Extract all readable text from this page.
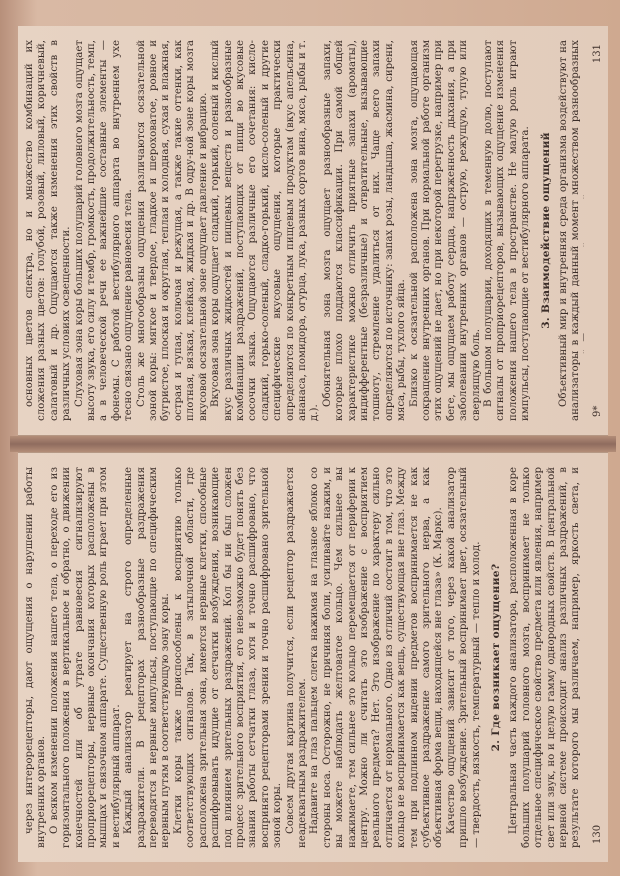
через интерорецепторы, дают ощущения о нарушении работы внутренних органов. О всяком изменении положения нашего тела, о переходе его из горизонтального положения в вертикальное и обратно, о движении конечностей или об утрате равновесия сигнализируют проприорецепторы, нервные окончания которых расположены в мышцах и связочном аппарате. Существенную роль играет при этом и вестибулярный аппарат. Каждый анализатор реагирует на строго определенные раздражители. В рецепторах разнообразные раздражения переводятся в нервные импульсы, поступающие по специфическим нервным путям в соответствующую зону коры. Клетки коры также приспособлены к восприятию только соответствующих сигналов. Так, в затылочной области, где расположена зрительная зона, имеются нервные клетки, способные расшифровывать идущие от сетчатки возбуждения, возникающие под влиянием зрительных раздражений. Кол бы ни был сложен процесс зрительного восприятия, его невозможно будет понять без знания работы сетчатки глаза, хотя и точно расшифровано, что воспринято рецепторами зрения и точно расшифровано зрительной зоной коры. Совсем другая картина получится, если рецептор раздражается неадекватным раздражителем. Надавите на глаз пальцем слегка нажимая на глазное яблоко со стороны носа. Осторожно, не причиняя боли, усиливайте нажим, и вы можете наблюдать желтоватое кольцо. Чем сильнее вы нажимаете, тем сильнее это кольцо перемещается от периферии к центру. Можно ли считать это изображение с восприятием реального предмета? Нет. Это изображение по характеру сильно отличается от нормального. Одно из отличий состоит в том, что это кольцо не воспринимается как вещь, существующая вне глаз. Между тем при подлинном видении предметов воспринимается не как субъективное раздражение самого зрительного нерва, а как объективная форма вещи, находящейся вне глаза» (К. Маркс). Качество ощущений зависит от того, через какой анализатор пришло возбуждение. Зрительный воспринимает цвет, осязательный — твердость, вязкость, температурный — тепло и холод. 2. Где возникает ощущение?

Центральная часть каждого анализатора, расположенная в коре больших полушарий головного мозга, воспринимает не только отдельное специфическое свойство предмета или явления, например свет или звук, но и целую гамму однородных свойств. В центральной нервной системе происходит анализ различных раздражений, в результате которого мы различаем, например, яркость света, и

130

основных цветов спектра, но и множество комбинаций их сложения разных цветов: голубой, розовый, лиловый, коричневый, салатовый и др. Ощущаются также изменения этих свойств в различных условиях освещенности. Слуховая зона коры больших полушарий головного мозга ощущает высоту звука, его силу и тембр, громкость, продолжительность, темп, а в человеческой речи ее важнейшие составные элементы — фонемы. С работой вестибулярного аппарата во внутреннем ухе тесно связано ощущение равновесия тела. Столь же многообразны ощущения различаются осязательной зоной коры: мягкое и твердое, гладкое и шероховатое, ровное и бугристое, плоская и округлая, теплая и холодная, сухая и влажная, острая и тупая, колючая и режущая, а также такие оттенки, как плотная, вязкая, клейкая, жидкая и др. В одру-ной зоне коры мозга вкусовой осязательной зоне ощущает давление и вибрацию. Вкусовая зона коры ощущает сладкий, горький, соленый и кислый вкус различных жидкостей и пищевых веществ и разнообразные комбинации раздражений, поступающих от пищи во вкусовые сосочки языка. Ощущаются различные его сочетания: кисло-сладкий, горько-соленый, сладко-горький, кисло-соленый и другие специфические вкусовые ощущения, которые практически определяются по конкретным пищевым продуктам (вкус апельсина, ананаса, помидора, огурца, лука, разных сортов вина, мяса, рыбы и т. д.).

Обонятельная зона мозга ощущает разнообразные запахи, которые плохо поддаются классификации. При самой общей характеристике можно отличить приятные запахи (ароматы), индифферентные (безразличные) и отвратительные, вызывающие тошноту, стремление удалиться от них. Чаще всего запахи определяются по источнику: запах розы, ландыша, жасмина, сирени, мяса, рыбы, тухлого яйца. Близко к осязательной расположена зона мозга, ощущающая сокращение внутренних органов. При нормальной работе организм этих ощущений не дает, но при некоторой перегрузке, например при беге, мы ощущаем работу сердца, напряженность дыхания, а при заболевании внутренних органов — острую, режущую, тупую или сверлящую боль. В большом полушарии, доходящих в теменную долю, поступают сигналы от проприорецепторов, вызывающих ощущение изменения положения нашего тела в пространстве. Не малую роль играют импульсы, поступающие от вестибулярного аппарата. 3. Взаимодействие ощущений

Объективный мир и внутренняя среда организма воздействуют на анализаторы в каждый данный момент множеством разнообразных

9*
131
